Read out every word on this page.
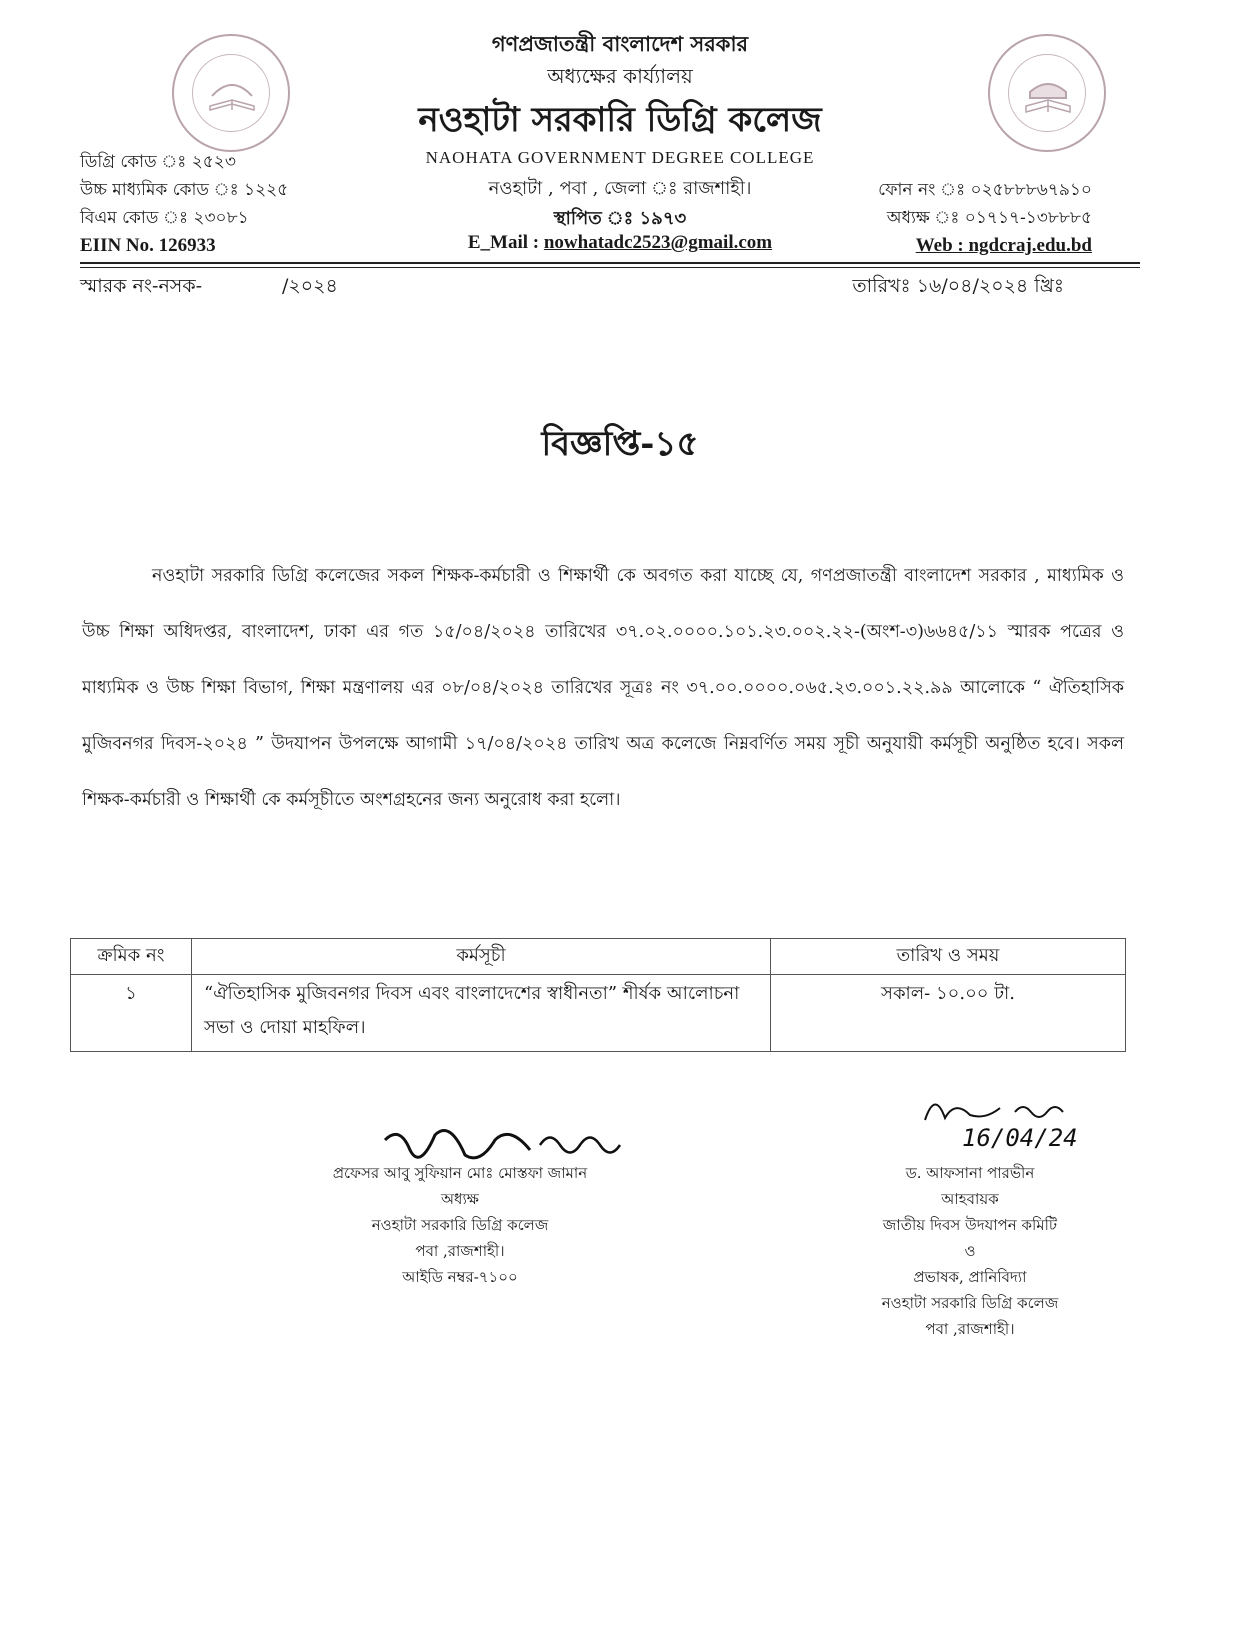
গণপ্রজাতন্ত্রী বাংলাদেশ সরকার
অধ্যক্ষের কার্য্যালয়
নওহাটা সরকারি ডিগ্রি কলেজ
NAOHATA GOVERNMENT DEGREE COLLEGE
নওহাটা , পবা , জেলা ঃ রাজশাহী।
স্থাপিত ঃ ১৯৭৩
E_Mail : nowhatadc2523@gmail.com
ডিগ্রি কোড ঃ ২৫২৩
উচ্চ মাধ্যমিক কোড ঃ ১২২৫
বিএম কোড ঃ ২৩০৮১
EIIN No. 126933
ফোন নং ঃ ০২৫৮৮৮৬৭৯১০
অধ্যক্ষ ঃ ০১৭১৭-১৩৮৮৮৫
Web : ngdcraj.edu.bd
স্মারক নং-নসক-	/২০২৪	তারিখঃ ১৬/০৪/২০২৪ খ্রিঃ
বিজ্ঞপ্তি-১৫
নওহাটা সরকারি ডিগ্রি কলেজের সকল শিক্ষক-কর্মচারী ও শিক্ষার্থী কে অবগত করা যাচ্ছে যে, গণপ্রজাতন্ত্রী বাংলাদেশ সরকার , মাধ্যমিক ও উচ্চ শিক্ষা অধিদপ্তর, বাংলাদেশ, ঢাকা এর গত ১৫/০৪/২০২৪ তারিখের ৩৭.০২.০০০০.১০১.২৩.০০২.২২-(অংশ-৩)৬৬৪৫/১১ স্মারক পত্রের ও মাধ্যমিক ও উচ্চ শিক্ষা বিভাগ, শিক্ষা মন্ত্রণালয় এর ০৮/০৪/২০২৪ তারিখের সূত্রঃ নং ৩৭.০০.০০০০.০৬৫.২৩.০০১.২২.৯৯ আলোকে “ ঐতিহাসিক মুজিবনগর দিবস-২০২৪ ” উদযাপন উপলক্ষে আগামী ১৭/০৪/২০২৪ তারিখ অত্র কলেজে নিম্নবর্ণিত সময় সূচী অনুযায়ী কর্মসূচী অনুষ্ঠিত হবে। সকল শিক্ষক-কর্মচারী ও শিক্ষার্থী কে কর্মসূচীতে অংশগ্রহনের জন্য অনুরোধ করা হলো।
ক্রমিক নং	কর্মসূচী	তারিখ ও সময়
১	“ঐতিহাসিক মুজিবনগর দিবস এবং বাংলাদেশের স্বাধীনতা” শীর্ষক আলোচনা সভা ও দোয়া মাহফিল।	সকাল- ১০.০০ টা.
প্রফেসর আবু সুফিয়ান মোঃ মোস্তফা জামান
অধ্যক্ষ
নওহাটা সরকারি ডিগ্রি কলেজ
পবা ,রাজশাহী।
আইডি নম্বর-৭১০০
16/04/24
ড. আফসানা পারভীন
আহবায়ক
জাতীয় দিবস উদযাপন কমিটি
ও
প্রভাষক, প্রানিবিদ্যা
নওহাটা সরকারি ডিগ্রি কলেজ
পবা ,রাজশাহী।
